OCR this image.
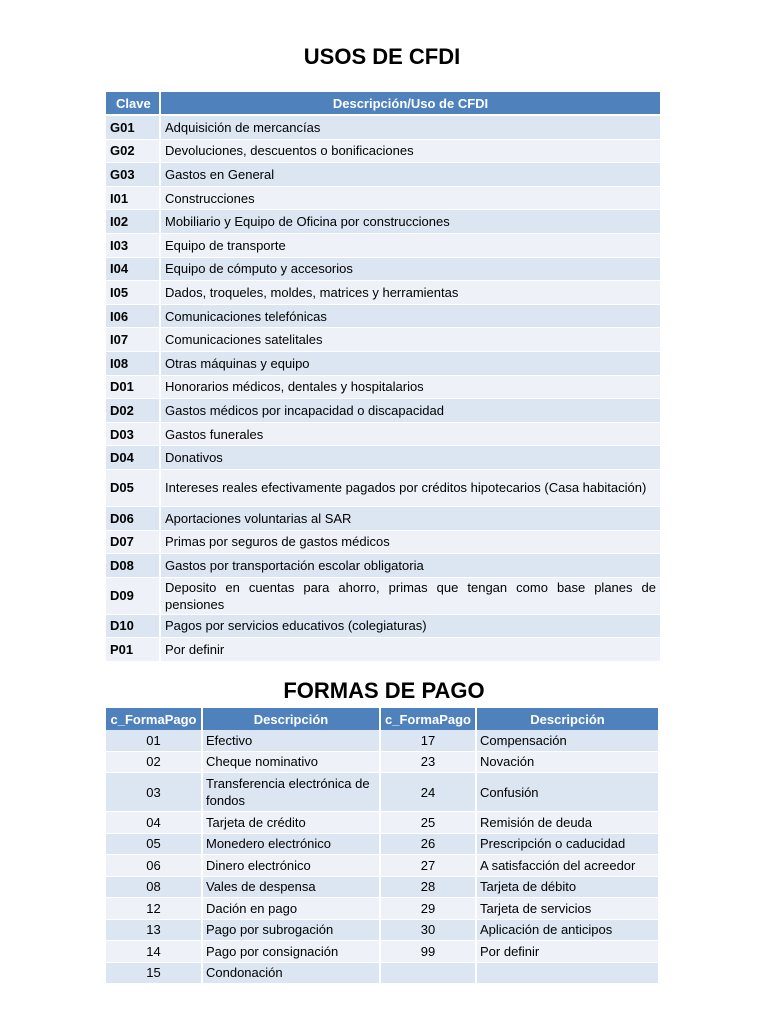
USOS DE CFDI
Clave	Descripción/Uso de CFDI
G01	Adquisición de mercancías
G02	Devoluciones, descuentos o bonificaciones
G03	Gastos en General
I01	Construcciones
I02	Mobiliario y Equipo de Oficina por construcciones
I03	Equipo de transporte
I04	Equipo de cómputo y accesorios
I05	Dados, troqueles, moldes, matrices y herramientas
I06	Comunicaciones telefónicas
I07	Comunicaciones satelitales
I08	Otras máquinas y equipo
D01	Honorarios médicos, dentales y hospitalarios
D02	Gastos médicos por incapacidad o discapacidad
D03	Gastos funerales
D04	Donativos
D05	Intereses reales efectivamente pagados por créditos hipotecarios (Casa habitación)
D06	Aportaciones voluntarias al SAR
D07	Primas por seguros de gastos médicos
D08	Gastos por transportación escolar obligatoria
D09	Deposito en cuentas para ahorro, primas que tengan como base planes de pensiones
D10	Pagos por servicios educativos (colegiaturas)
P01	Por definir
FORMAS DE PAGO
c_FormaPago	Descripción	c_FormaPago	Descripción
01	Efectivo	17	Compensación
02	Cheque nominativo	23	Novación
03	Transferencia electrónica de fondos	24	Confusión
04	Tarjeta de crédito	25	Remisión de deuda
05	Monedero electrónico	26	Prescripción o caducidad
06	Dinero electrónico	27	A satisfacción del acreedor
08	Vales de despensa	28	Tarjeta de débito
12	Dación en pago	29	Tarjeta de servicios
13	Pago por subrogación	30	Aplicación de anticipos
14	Pago por consignación	99	Por definir
15	Condonación		
